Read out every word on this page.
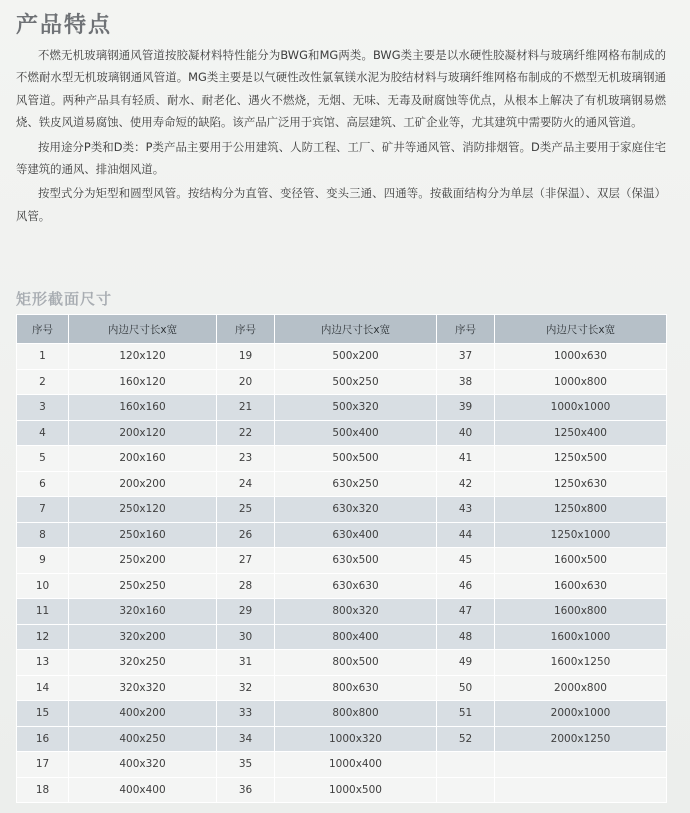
产品特点

不燃无机玻璃钢通风管道按胶凝材料特性能分为BWG和MG两类。BWG类主要是以水硬性胶凝材料与玻璃纤维网格布制成的不燃耐水型无机玻璃钢通风管道。MG类主要是以气硬性改性氯氧镁水泥为胶结材料与玻璃纤维网格布制成的不燃型无机玻璃钢通风管道。两种产品具有轻质、耐水、耐老化、遇火不燃烧，无烟、无味、无毒及耐腐蚀等优点，从根本上解决了有机玻璃钢易燃烧、铁皮风道易腐蚀、使用寿命短的缺陷。该产品广泛用于宾馆、高层建筑、工矿企业等，尤其建筑中需要防火的通风管道。

按用途分P类和D类：P类产品主要用于公用建筑、人防工程、工厂、矿井等通风管、消防排烟管。D类产品主要用于家庭住宅等建筑的通风、排油烟风道。

按型式分为矩型和圆型风管。按结构分为直管、变径管、变头三通、四通等。按截面结构分为单层（非保温）、双层（保温）风管。

矩形截面尺寸
序号	内边尺寸长x宽	序号	内边尺寸长x宽	序号	内边尺寸长x宽
1	120x120	19	500x200	37	1000x630
2	160x120	20	500x250	38	1000x800
3	160x160	21	500x320	39	1000x1000
4	200x120	22	500x400	40	1250x400
5	200x160	23	500x500	41	1250x500
6	200x200	24	630x250	42	1250x630
7	250x120	25	630x320	43	1250x800
8	250x160	26	630x400	44	1250x1000
9	250x200	27	630x500	45	1600x500
10	250x250	28	630x630	46	1600x630
11	320x160	29	800x320	47	1600x800
12	320x200	30	800x400	48	1600x1000
13	320x250	31	800x500	49	1600x1250
14	320x320	32	800x630	50	2000x800
15	400x200	33	800x800	51	2000x1000
16	400x250	34	1000x320	52	2000x1250
17	400x320	35	1000x400		
18	400x400	36	1000x500		
